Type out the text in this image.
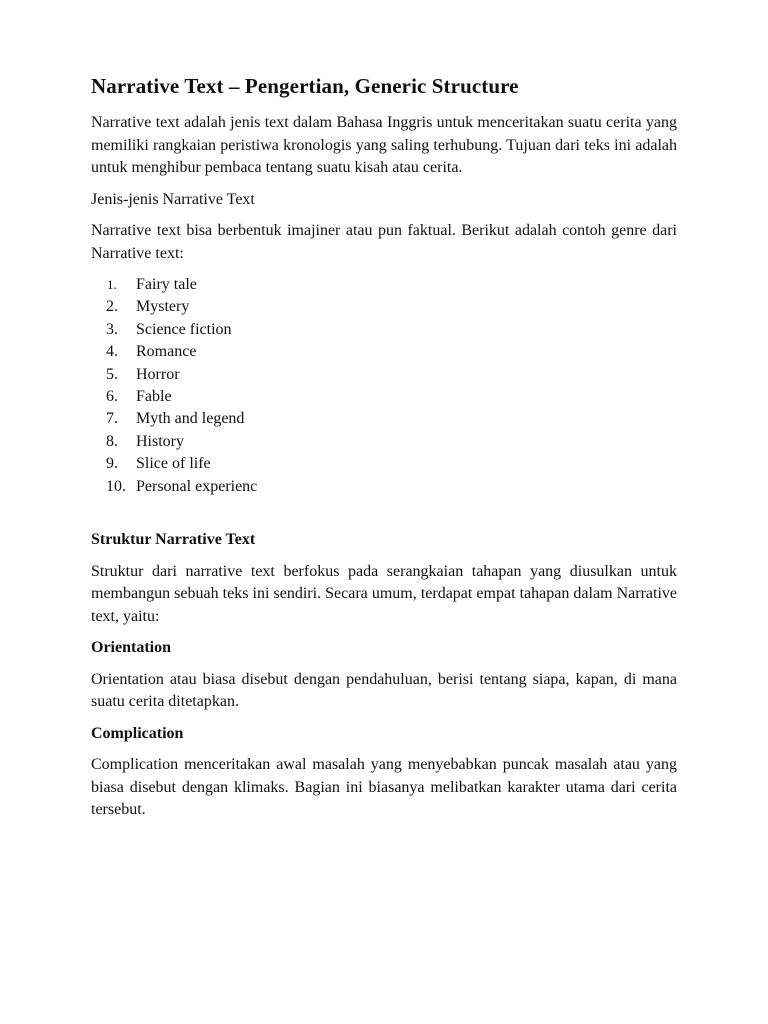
Narrative Text – Pengertian, Generic Structure

Narrative text adalah jenis text dalam Bahasa Inggris untuk menceritakan suatu cerita yang memiliki rangkaian peristiwa kronologis yang saling terhubung. Tujuan dari teks ini adalah untuk menghibur pembaca tentang suatu kisah atau cerita.

Jenis-jenis Narrative Text

Narrative text bisa berbentuk imajiner atau pun faktual. Berikut adalah contoh genre dari Narrative text:

1.	Fairy tale
2.	Mystery
3.	Science fiction
4.	Romance
5.	Horror
6.	Fable
7.	Myth and legend
8.	History
9.	Slice of life
10. Personal experienc
Struktur Narrative Text

Struktur dari narrative text berfokus pada serangkaian tahapan yang diusulkan untuk membangun sebuah teks ini sendiri. Secara umum, terdapat empat tahapan dalam Narrative text, yaitu:

Orientation

Orientation atau biasa disebut dengan pendahuluan, berisi tentang siapa, kapan, di mana suatu cerita ditetapkan.

Complication

Complication menceritakan awal masalah yang menyebabkan puncak masalah atau yang biasa disebut dengan klimaks. Bagian ini biasanya melibatkan karakter utama dari cerita tersebut.
